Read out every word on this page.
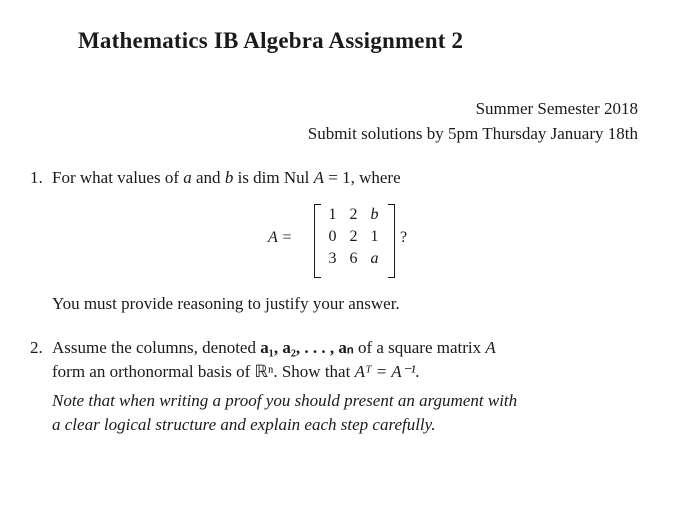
Mathematics IB Algebra Assignment 2
Summer Semester 2018
Submit solutions by 5pm Thursday January 18th
1. For what values of a and b is dim Nul A = 1, where
A =
1 2 b
0 2 1
3 6 a
?
You must provide reasoning to justify your answer.
2. Assume the columns, denoted a₁, a₂, . . . , aₙ of a square matrix A
form an orthonormal basis of ℝⁿ. Show that Aᵀ = A⁻¹.
Note that when writing a proof you should present an argument with
a clear logical structure and explain each step carefully.
